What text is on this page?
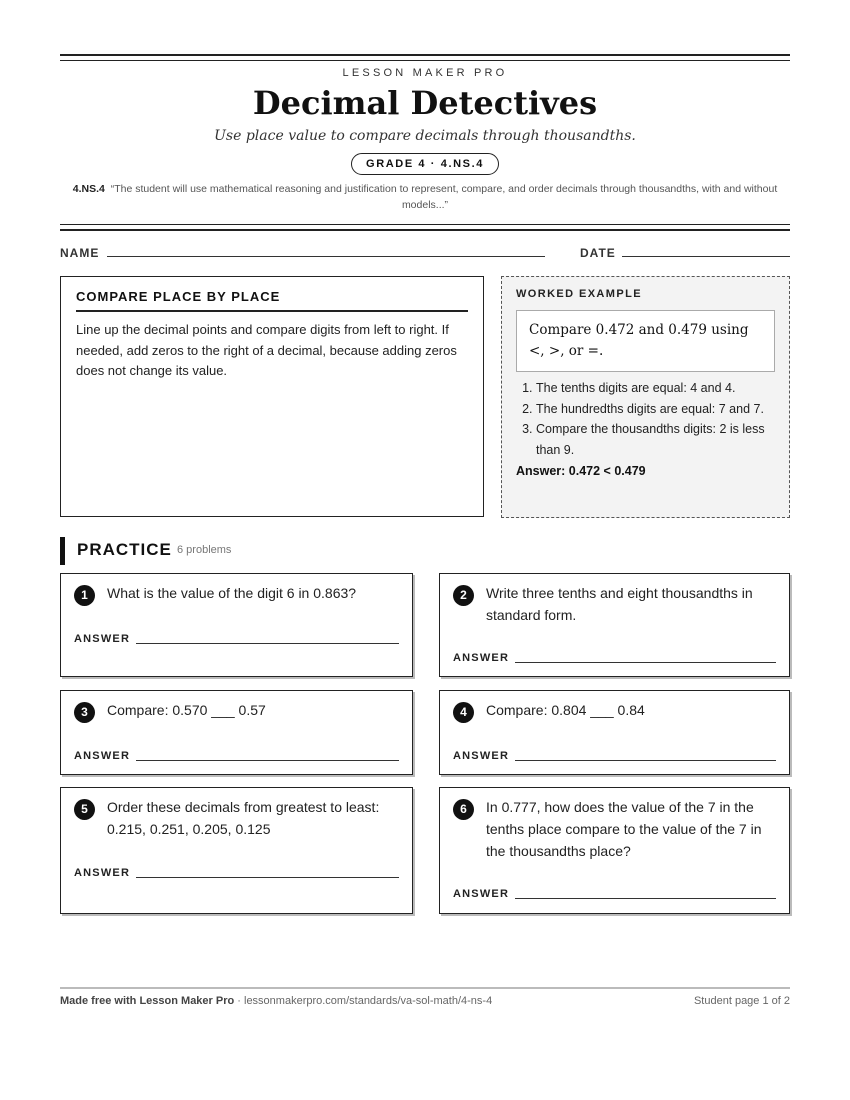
LESSON MAKER PRO
Decimal Detectives
Use place value to compare decimals through thousandths.
GRADE 4 · 4.NS.4
4.NS.4 “The student will use mathematical reasoning and justification to represent, compare, and order decimals through thousandths, with and without models...”
NAME	DATE
COMPARE PLACE BY PLACE

Line up the decimal points and compare digits from left to right. If needed, add zeros to the right of a decimal, because adding zeros does not change its value.

WORKED EXAMPLE
Compare 0.472 and 0.479 using <, >, or =.
1. The tenths digits are equal: 4 and 4.
2. The hundredths digits are equal: 7 and 7.
3. Compare the thousandths digits: 2 is less than 9.
Answer: 0.472 < 0.479
PRACTICE 6 problems
1	What is the value of the digit 6 in 0.863?
ANSWER
2	Write three tenths and eight thousandths in standard form.
ANSWER
3	Compare: 0.570 ___ 0.57
ANSWER
4	Compare: 0.804 ___ 0.84
ANSWER
5	Order these decimals from greatest to least: 0.215, 0.251, 0.205, 0.125
ANSWER
6	In 0.777, how does the value of the 7 in the tenths place compare to the value of the 7 in the thousandths place?
ANSWER
Made free with Lesson Maker Pro · lessonmakerpro.com/standards/va-sol-math/4-ns-4	Student page 1 of 2
